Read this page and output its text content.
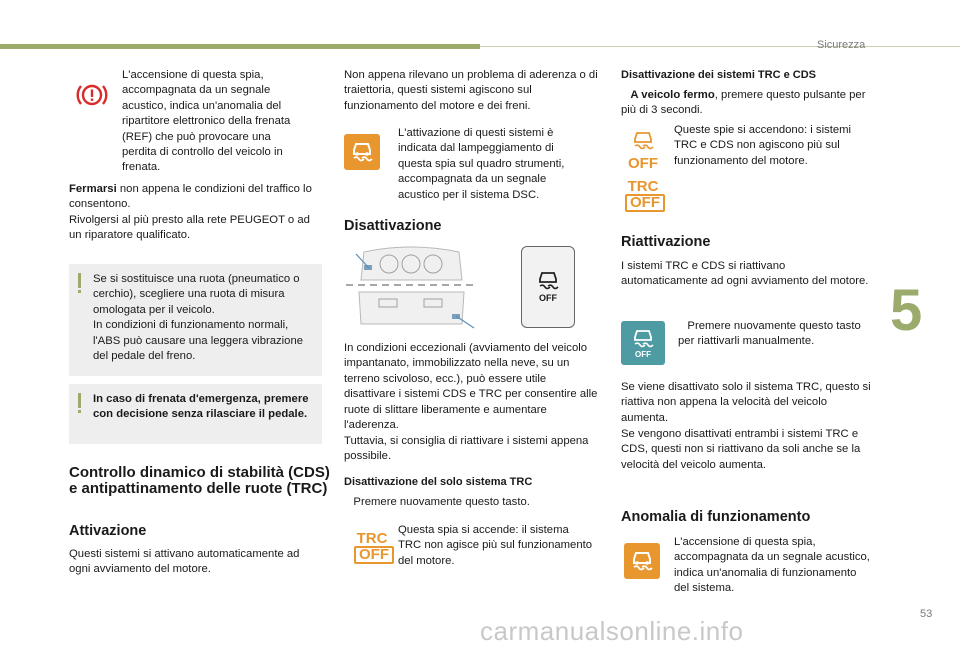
Sicurezza
5
53
carmanualsonline.info

L'accensione di questa spia, accompagnata da un segnale acustico, indica un'anomalia del ripartitore elettronico della frenata (REF) che può provocare una perdita di controllo del veicolo in frenata.

Fermarsi non appena le condizioni del traffico lo consentono.

Rivolgersi al più presto alla rete PEUGEOT o ad un riparatore qualificato.

Se si sostituisce una ruota (pneumatico o cerchio), scegliere una ruota di misura omologata per il veicolo.

In condizioni di funzionamento normali, l'ABS può causare una leggera vibrazione del pedale del freno.

In caso di frenata d'emergenza, premere con decisione senza rilasciare il pedale.

Controllo dinamico di stabilità (CDS) e antipattinamento delle ruote (TRC)
Attivazione

Questi sistemi si attivano automaticamente ad ogni avviamento del motore.

Non appena rilevano un problema di aderenza o di traiettoria, questi sistemi agiscono sul funzionamento del motore e dei freni.

L'attivazione di questi sistemi è indicata dal lampeggiamento di questa spia sul quadro strumenti, accompagnata da un segnale acustico per il sistema DSC.

Disattivazione
OFF

In condizioni eccezionali (avviamento del veicolo impantanato, immobilizzato nella neve, su un terreno scivoloso, ecc.), può essere utile disattivare i sistemi CDS e TRC per consentire alle ruote di slittare liberamente e aumentare l'aderenza.

Tuttavia, si consiglia di riattivare i sistemi appena possibile.

Disattivazione del solo sistema TRC

Premere nuovamente questo tasto.

TRC
OFF

Questa spia si accende: il sistema TRC non agisce più sul funzionamento del motore.

Disattivazione dei sistemi TRC e CDS

A veicolo fermo, premere questo pulsante per più di 3 secondi.

OFF
TRC
OFF

Queste spie si accendono: i sistemi TRC e CDS non agiscono più sul funzionamento del motore.

Riattivazione

I sistemi TRC e CDS si riattivano automaticamente ad ogni avviamento del motore.

OFF

Premere nuovamente questo tasto per riattivarli manualmente.

Se viene disattivato solo il sistema TRC, questo si riattiva non appena la velocità del veicolo aumenta.

Se vengono disattivati entrambi i sistemi TRC e CDS, questi non si riattivano da soli anche se la velocità del veicolo aumenta.

Anomalia di funzionamento

L'accensione di questa spia, accompagnata da un segnale acustico, indica un'anomalia di funzionamento del sistema.
